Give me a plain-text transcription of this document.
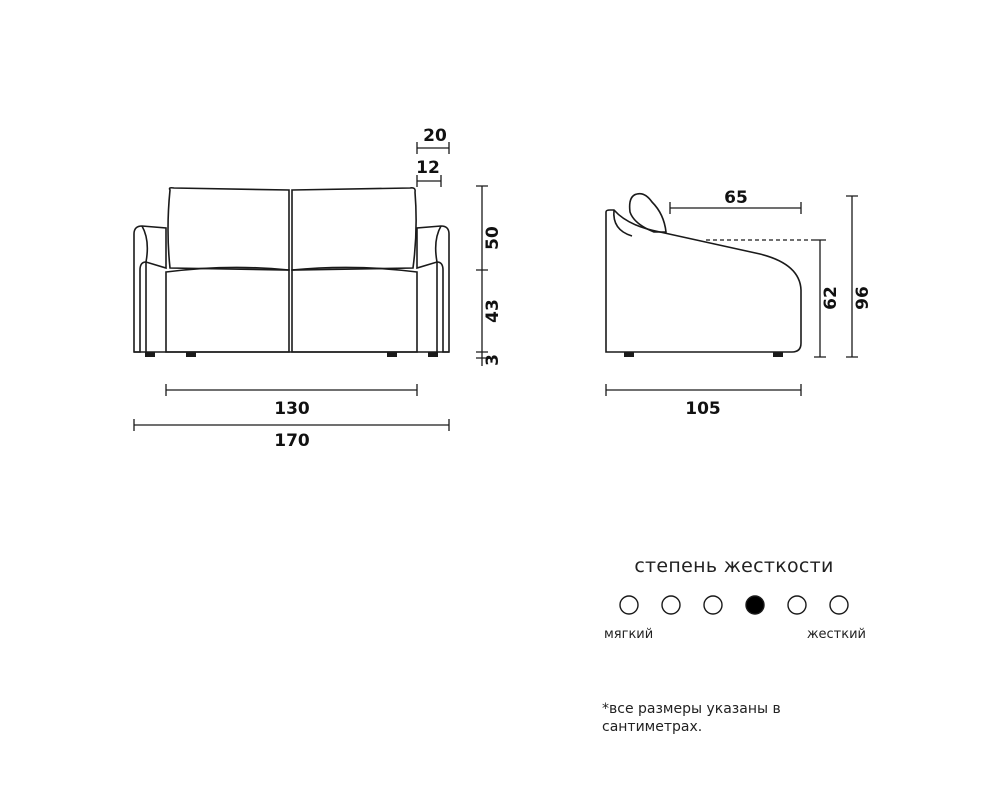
20
12
50
43
3
130
170
65
62 96
105
степень жесткости
мягкий	жесткий
*все размеры указаны в
сантиметрах.
